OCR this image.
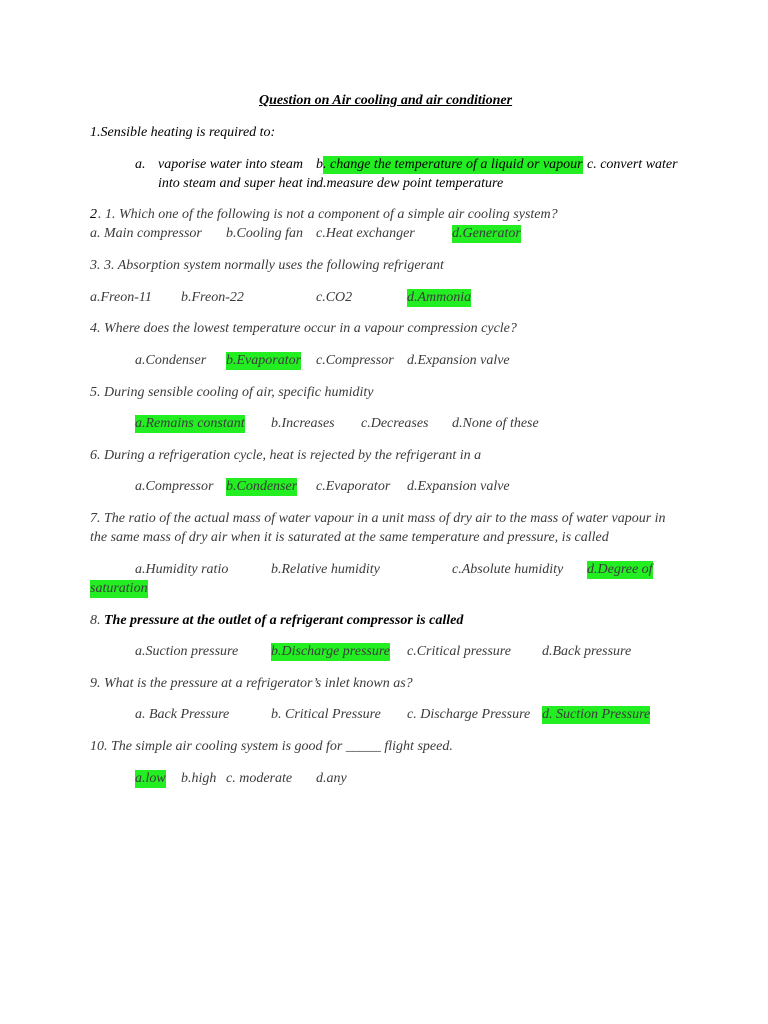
Question on Air cooling and air conditioner
1.Sensible heating is required to:
a. vaporise water into steam b . change the temperature of a liquid or vapour c. convert water
into steam and super heat in
d.measure dew point temperature
2 . 1. Which one of the following is not a component of a simple air cooling system?
a. Main compressor b.Cooling fan c.Heat exchanger	d.Generator
3. 3. Absorption system normally uses the following refrigerant
a.Freon-11 b.Freon-22	c.CO2	d.Ammonia
4. Where does the lowest temperature occur in a vapour compression cycle?
a.Condenser b.Evaporator c.Compressor d.Expansion valve
5. During sensible cooling of air, specific humidity
a.Remains constant b.Increases c.Decreases d.None of these
6. During a refrigeration cycle, heat is rejected by the refrigerant in a
a.Compressor b.Condenser c.Evaporator d.Expansion valve
7. The ratio of the actual mass of water vapour in a unit mass of dry air to the mass of water vapour in
the same mass of dry air when it is saturated at the same temperature and pressure, is called
a.Humidity ratio	b.Relative humidity	c.Absolute humidity d.Degree of
saturation
8. The pressure at the outlet of a refrigerant compressor is called
a.Suction pressure b.Discharge pressure c.Critical pressure d.Back pressure
9. What is the pressure at a refrigerator’s inlet known as?
a. Back Pressure	b. Critical Pressure c. Discharge Pressure d. Suction Pressure
10. The simple air cooling system is good for _____ flight speed.
a.low b.high c. moderate d.any
